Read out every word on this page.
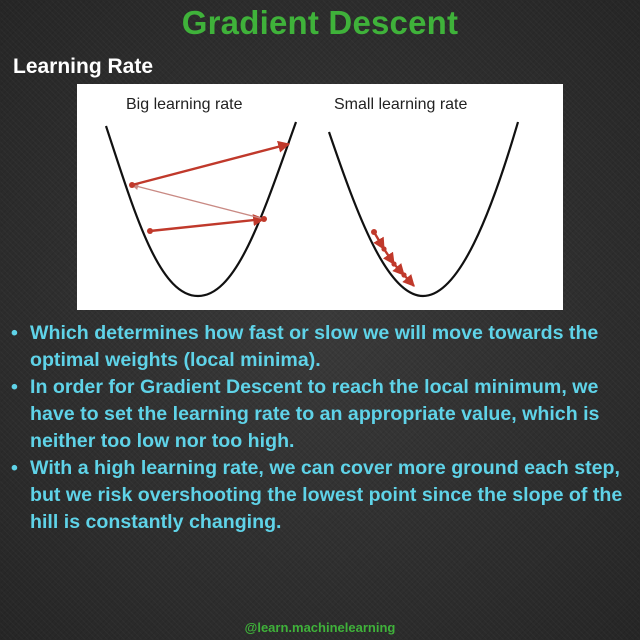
Gradient Descent
Learning Rate
Big learning rate	Small learning rate
• Which determines how fast or slow we will move towards the optimal weights (local minima).
• In order for Gradient Descent to reach the local minimum, we have to set the learning rate to an appropriate value, which is neither too low nor too high.
• With a high learning rate, we can cover more ground each step, but we risk overshooting the lowest point since the slope of the hill is constantly changing.
@learn.machinelearning
